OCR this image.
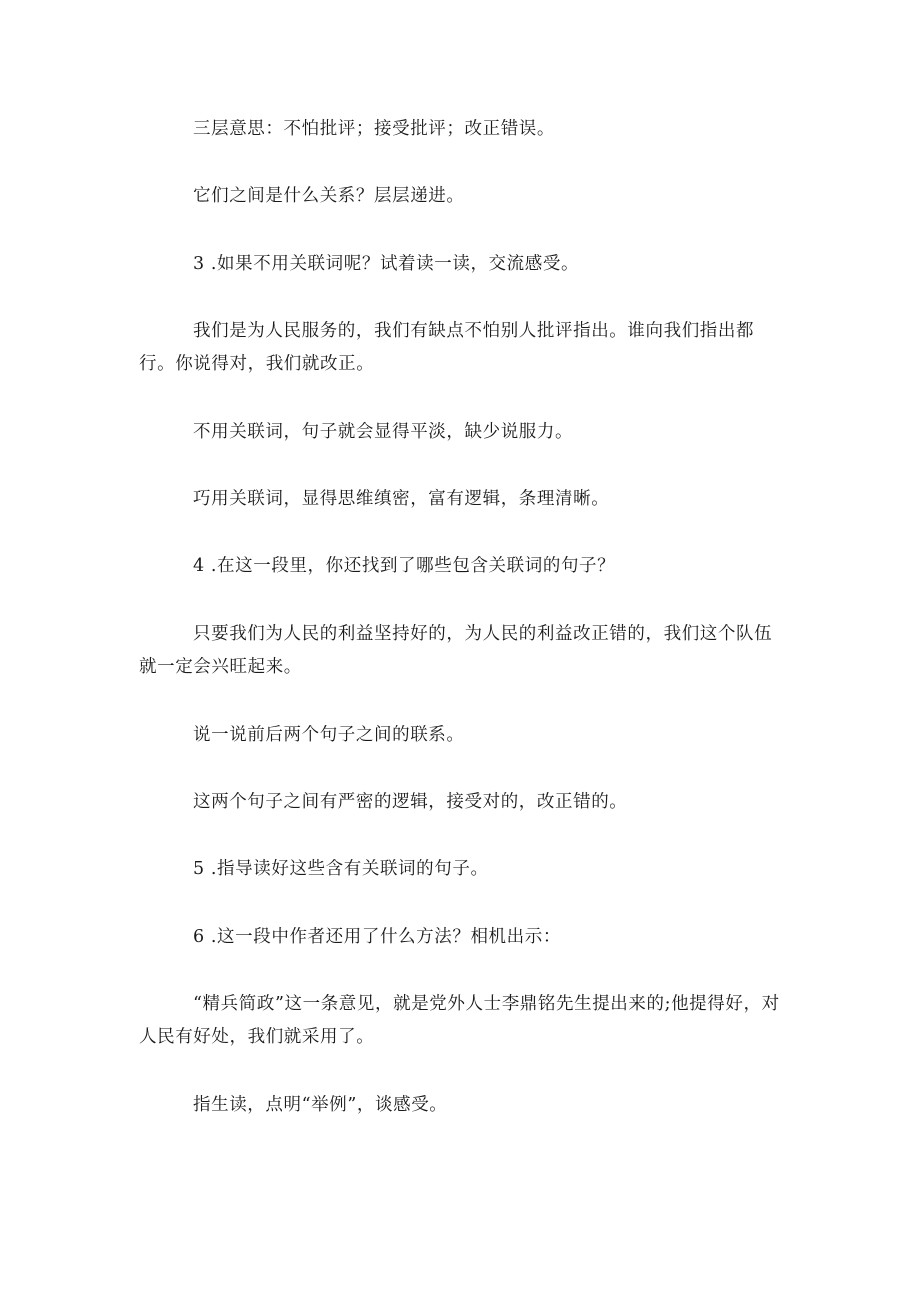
三层意思：不怕批评；接受批评；改正错误。

它们之间是什么关系？层层递进。

3 .如果不用关联词呢？试着读一读，交流感受。

我们是为人民服务的，我们有缺点不怕别人批评指出。谁向我们指出都行。你说得对，我们就改正。

不用关联词，句子就会显得平淡，缺少说服力。

巧用关联词，显得思维缜密，富有逻辑，条理清晰。

4 .在这一段里，你还找到了哪些包含关联词的句子？

只要我们为人民的利益坚持好的，为人民的利益改正错的，我们这个队伍就一定会兴旺起来。

说一说前后两个句子之间的联系。

这两个句子之间有严密的逻辑，接受对的，改正错的。

5 .指导读好这些含有关联词的句子。

6 .这一段中作者还用了什么方法？相机出示：

“精兵简政”这一条意见，就是党外人士李鼎铭先生提出来的;他提得好，对人民有好处，我们就采用了。

指生读，点明“举例”，谈感受。
